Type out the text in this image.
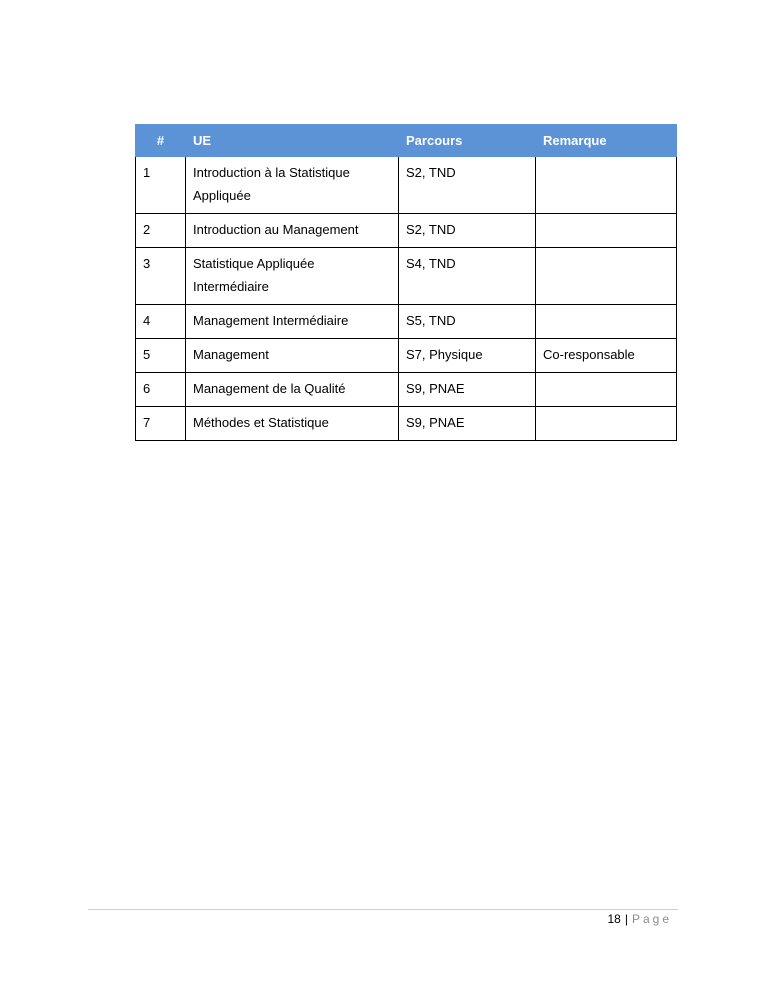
#	UE	Parcours	Remarque
1	Introduction à la Statistique Appliquée	S2, TND	
2	Introduction au Management	S2, TND	
3	Statistique Appliquée Intermédiaire	S4, TND	
4	Management Intermédiaire	S5, TND	
5	Management	S7, Physique	Co-responsable
6	Management de la Qualité	S9, PNAE	
7	Méthodes et Statistique	S9, PNAE	
18 | Page
